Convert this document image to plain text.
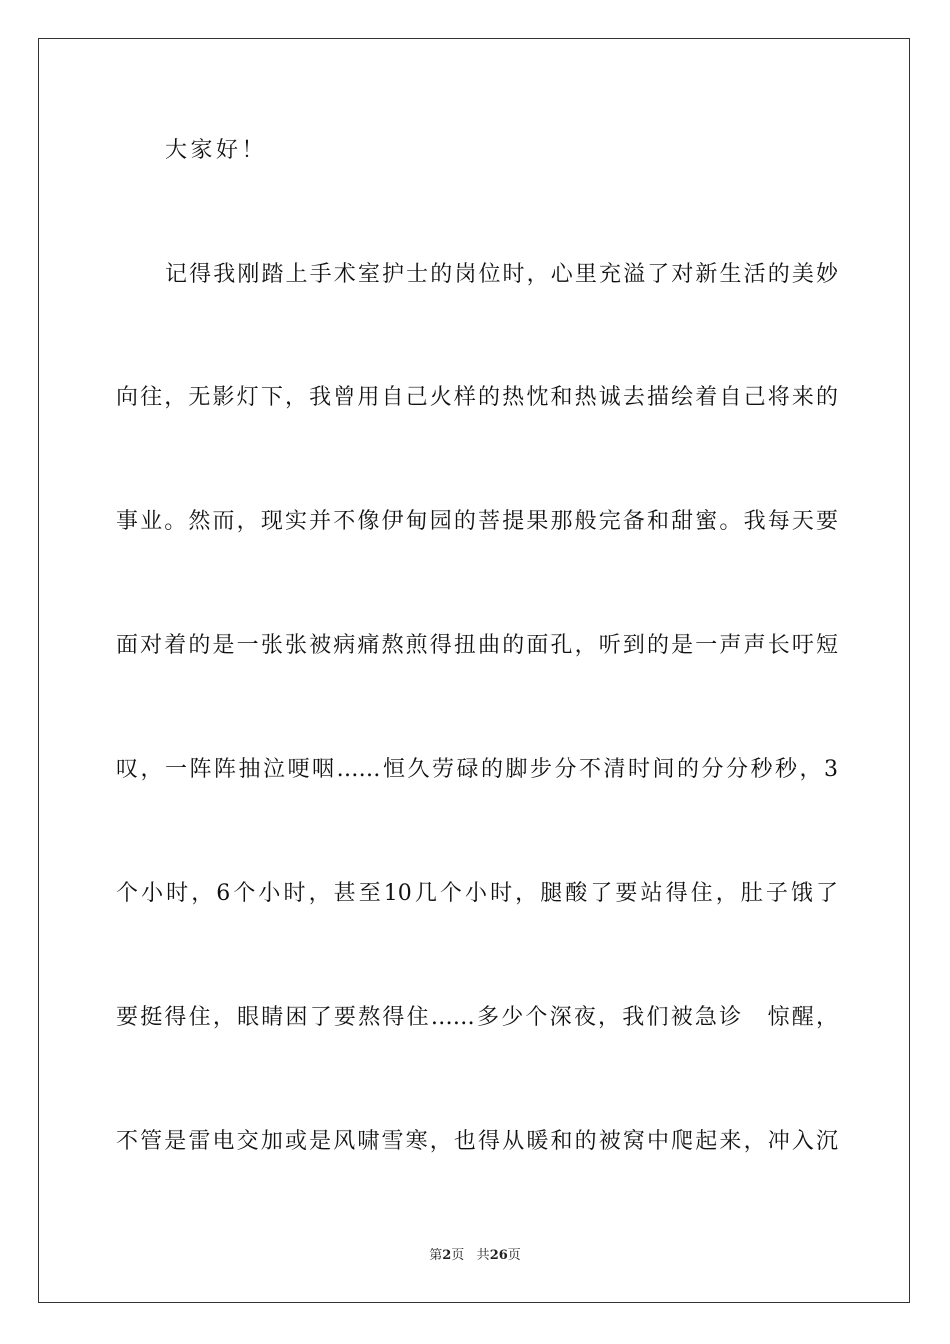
大家好！
记得我刚踏上手术室护士的岗位时，心里充溢了对新生活的美妙
向往，无影灯下，我曾用自己火样的热忱和热诚去描绘着自己将来的
事业。然而，现实并不像伊甸园的菩提果那般完备和甜蜜。我每天要
面对着的是一张张被病痛熬煎得扭曲的面孔，听到的是一声声长吁短
叹，一阵阵抽泣哽咽……恒久劳碌的脚步分不清时间的分分秒秒，3
个小时，6个小时，甚至10几个小时，腿酸了要站得住，肚子饿了
要挺得住，眼睛困了要熬得住……多少个深夜，我们被急诊　惊醒，
不管是雷电交加或是风啸雪寒，也得从暖和的被窝中爬起来，冲入沉
第2页 共26页
